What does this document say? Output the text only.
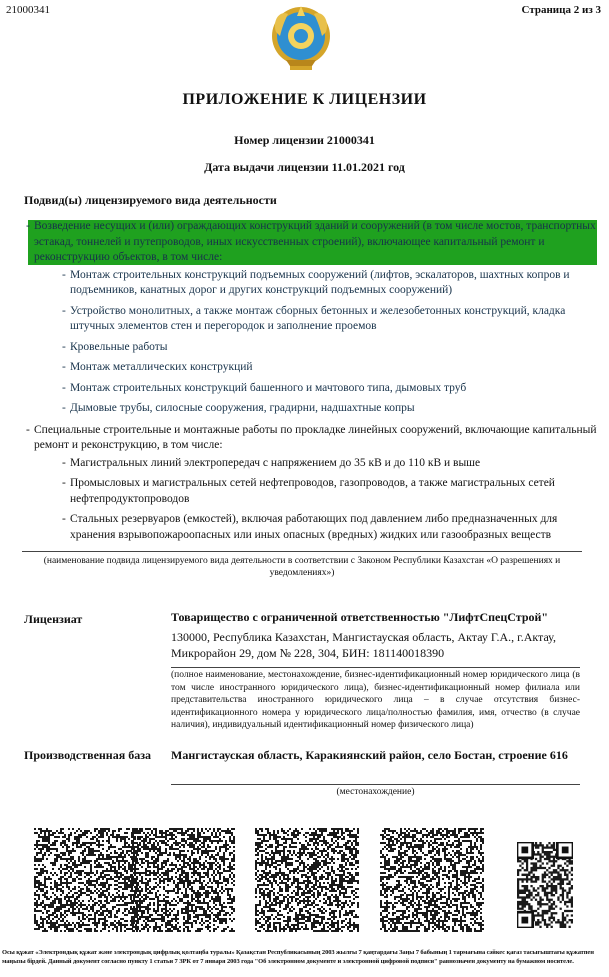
21000341	Страница 2 из 3
ПРИЛОЖЕНИЕ К ЛИЦЕНЗИИ
Номер лицензии 21000341
Дата выдачи лицензии 11.01.2021 год
Подвид(ы) лицензируемого вида деятельности
- Возведение несущих и (или) ограждающих конструкций зданий и сооружений (в том числе мостов, транспортных эстакад, тоннелей и путепроводов, иных искусственных строений), включающее капитальный ремонт и реконструкцию объектов, в том числе:
- Монтаж строительных конструкций подъемных сооружений (лифтов, эскалаторов, шахтных копров и подъемников, канатных дорог и других конструкций подъемных сооружений)
- Устройство монолитных, а также монтаж сборных бетонных и железобетонных конструкций, кладка штучных элементов стен и перегородок и заполнение проемов
- Кровельные работы
- Монтаж металлических конструкций
- Монтаж строительных конструкций башенного и мачтового типа, дымовых труб
- Дымовые трубы, силосные сооружения, градирни, надшахтные копры
- Специальные строительные и монтажные работы по прокладке линейных сооружений, включающие капитальный ремонт и реконструкцию, в том числе:
- Магистральных линий электропередач с напряжением до 35 кВ и до 110 кВ и выше
- Промысловых и магистральных сетей нефтепроводов, газопроводов, а также магистральных сетей нефтепродуктопроводов
- Стальных резервуаров (емкостей), включая работающих под давлением либо предназначенных для хранения взрывопожароопасных или иных опасных (вредных) жидких или газообразных веществ
(наименование подвида лицензируемого вида деятельности в соответствии с Законом Республики Казахстан «О разрешениях и уведомлениях»)
Лицензиат	Товарищество с ограниченной ответственностью "ЛифтСпецСтрой"
130000, Республика Казахстан, Мангистауская область, Актау Г.А., г.Актау, Микрорайон 29, дом № 228, 304, БИН: 181140018390
(полное наименование, местонахождение, бизнес-идентификационный номер юридического лица (в том числе иностранного юридического лица), бизнес-идентификационный номер филиала или представительства иностранного юридического лица – в случае отсутствия бизнес-идентификационного номера у юридического лица/полностью фамилия, имя, отчество (в случае наличия), индивидуальный идентификационный номер физического лица)
Производственная база Мангистауская область, Каракиянский район, село Бостан, строение 616
(местонахождение)
Осы құжат «Электрондық құжат және электрондық цифрлық қолтаңба туралы» Қазақстан Республикасының 2003 жылғы 7 қаңтардағы Заңы 7 бабының 1 тармағына сәйкес қағаз тасығыштағы құжатпен маңызы бірдей. Данный документ согласно пункту 1 статьи 7 ЗРК от 7 января 2003 года "Об электронном документе и электронной цифровой подписи" равнозначен документу на бумажном носителе.
